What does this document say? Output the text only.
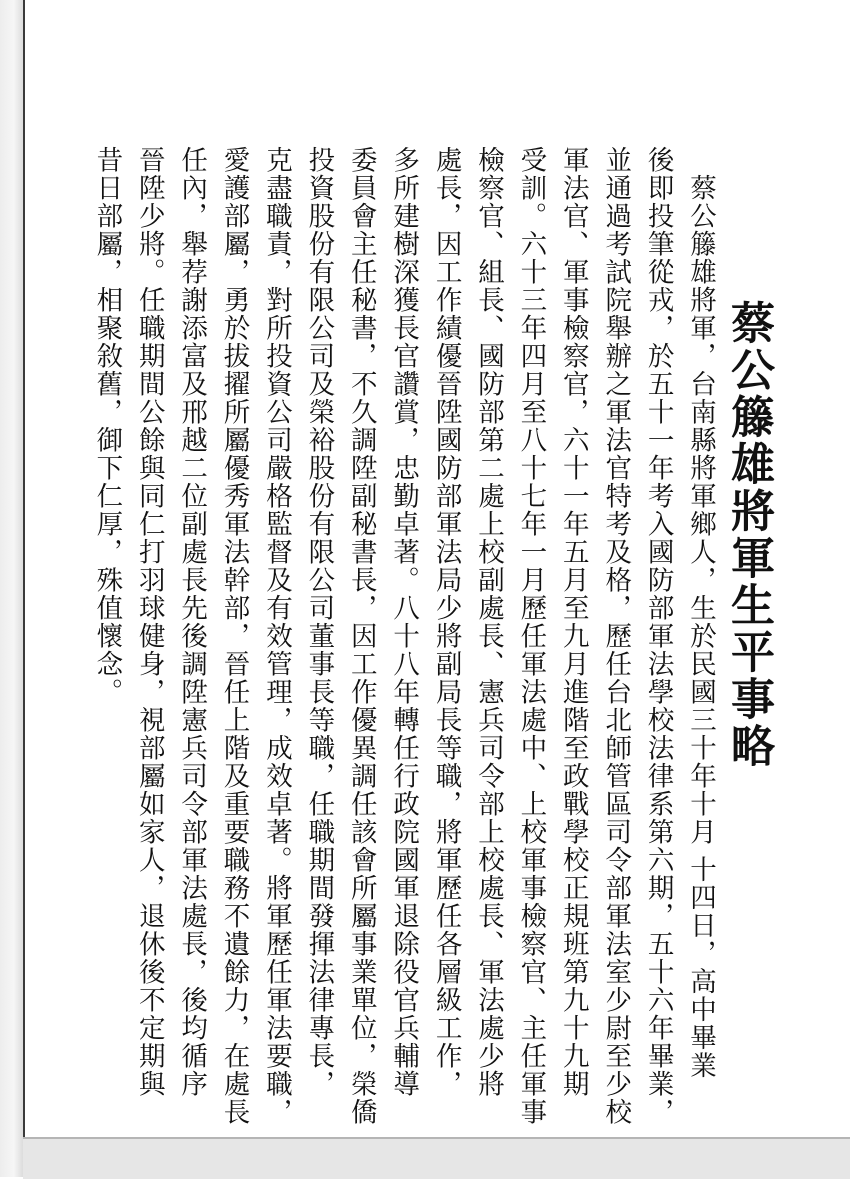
蔡公籐雄將軍生平事略

　蔡公籐雄將軍，台南縣將軍鄉人，生於民國三十年十月 十四日，高中畢業

後即投筆從戎，於五十一年考入國防部軍法學校法律系第六期，五十六年畢業，

並通過考試院舉辦之軍法官特考及格，歷任台北師管區司令部軍法室少尉至少校

軍法官、軍事檢察官，六十一年五月至九月進階至政戰學校正規班第九十九期

受訓。六十三年四月至八十七年一月歷任軍法處中、上校軍事檢察官、主任軍事

檢察官、組長、國防部第二處上校副處長、憲兵司令部上校處長、軍法處少將

處長，因工作績優晉陞國防部軍法局少將副局長等職，將軍歷任各層級工作，

多所建樹深獲長官讚賞，忠勤卓著。八十八年轉任行政院國軍退除役官兵輔導

委員會主任秘書，不久調陞副秘書長，因工作優異調任該會所屬事業單位，榮僑

投資股份有限公司及榮裕股份有限公司董事長等職，任職期間發揮法律專長，

克盡職責，對所投資公司嚴格監督及有效管理，成效卓著。將軍歷任軍法要職，

愛護部屬，勇於拔擢所屬優秀軍法幹部，晉任上階及重要職務不遺餘力，在處長

任內，舉荐謝添富及邢越二位副處長先後調陞憲兵司令部軍法處長，後均循序

晉陞少將。任職期間公餘與同仁打羽球健身，視部屬如家人，退休後不定期與

昔日部屬，相聚敘舊，御下仁厚，殊值懷念。
